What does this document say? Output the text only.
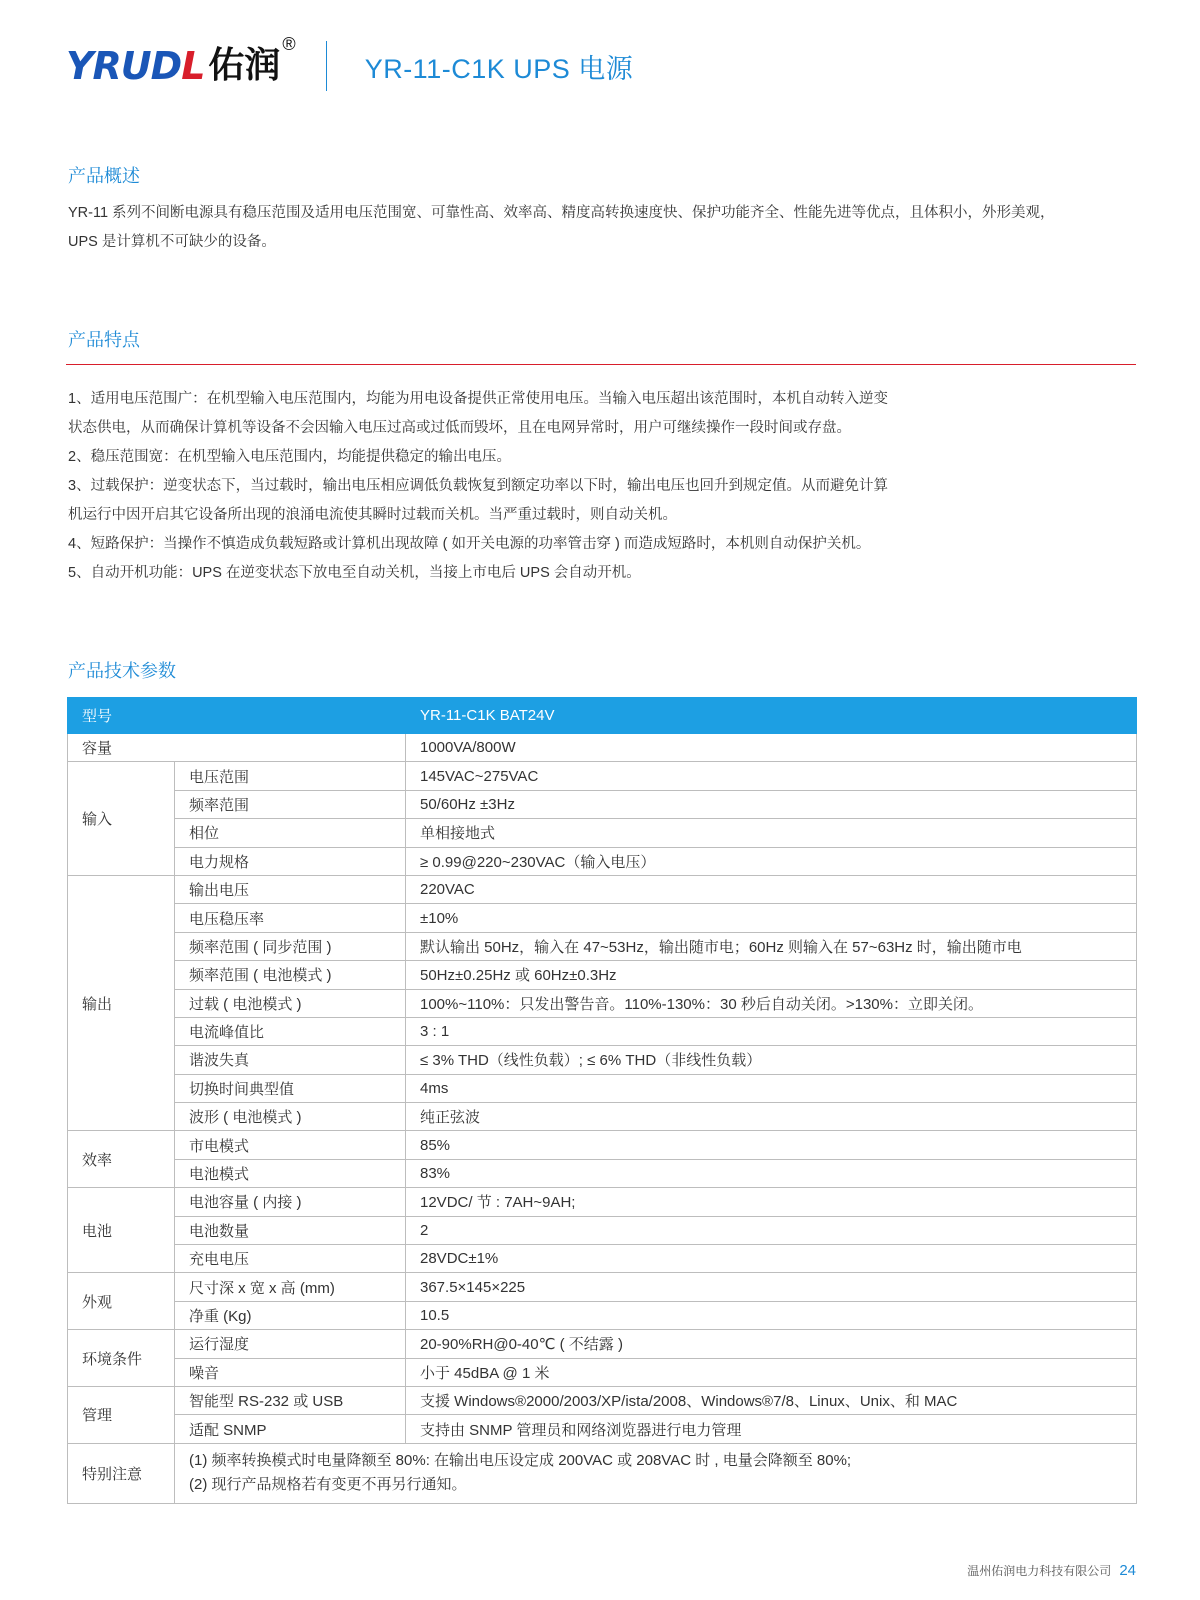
YRUDL 佑润
®
YR-11-C1K UPS 电源
产品概述
YR-11 系列不间断电源具有稳压范围及适用电压范围宽、可靠性高、效率高、精度高转换速度快、保护功能齐全、性能先进等优点，且体积小，外形美观，
UPS 是计算机不可缺少的设备。
产品特点
1、适用电压范围广：在机型输入电压范围内，均能为用电设备提供正常使用电压。当输入电压超出该范围时，本机自动转入逆变
状态供电，从而确保计算机等设备不会因输入电压过高或过低而毁坏，且在电网异常时，用户可继续操作一段时间或存盘。
2、稳压范围宽：在机型输入电压范围内，均能提供稳定的输出电压。
3、过载保护：逆变状态下，当过载时，输出电压相应调低负载恢复到额定功率以下时，输出电压也回升到规定值。从而避免计算
机运行中因开启其它设备所出现的浪涌电流使其瞬时过载而关机。当严重过载时，则自动关机。
4、短路保护：当操作不慎造成负载短路或计算机出现故障 ( 如开关电源的功率管击穿 ) 而造成短路时，本机则自动保护关机。
5、自动开机功能：UPS 在逆变状态下放电至自动关机，当接上市电后 UPS 会自动开机。
产品技术参数
型号		YR-11-C1K BAT24V
容量		1000VA/800W
输入	电压范围	145VAC~275VAC
	频率范围	50/60Hz ±3Hz
	相位	单相接地式
	电力规格	≥ 0.99@220~230VAC（输入电压）
输出	输出电压	220VAC
	电压稳压率	±10%
	频率范围 ( 同步范围 )	默认输出 50Hz，输入在 47~53Hz，输出随市电；60Hz 则输入在 57~63Hz 时，输出随市电
	频率范围 ( 电池模式 )	50Hz±0.25Hz 或 60Hz±0.3Hz
	过载 ( 电池模式 )	100%~110%：只发出警告音。110%-130%：30 秒后自动关闭。>130%：立即关闭。
	电流峰值比	3 : 1
	谐波失真	≤ 3% THD（线性负载）; ≤ 6% THD（非线性负载）
	切换时间典型值	4ms
	波形 ( 电池模式 )	纯正弦波
效率	市电模式	85%
	电池模式	83%
电池	电池容量 ( 内接 )	12VDC/ 节 : 7AH~9AH;
	电池数量	2
	充电电压	28VDC±1%
外观	尺寸深 x 宽 x 高 (mm)	367.5×145×225
	净重 (Kg)	10.5
环境条件	运行湿度	20-90%RH@0-40℃ ( 不结露 )
	噪音	小于 45dBA @ 1 米
管理	智能型 RS-232 或 USB	支援 Windows®2000/2003/XP/ista/2008、Windows®7/8、Linux、Unix、和 MAC
	适配 SNMP	支持由 SNMP 管理员和网络浏览器进行电力管理
特别注意	(1) 频率转换模式时电量降额至 80%: 在输出电压设定成 200VAC 或 208VAC 时 , 电量会降额至 80%;
(2) 现行产品规格若有变更不再另行通知。	
温州佑润电力科技有限公司 24
